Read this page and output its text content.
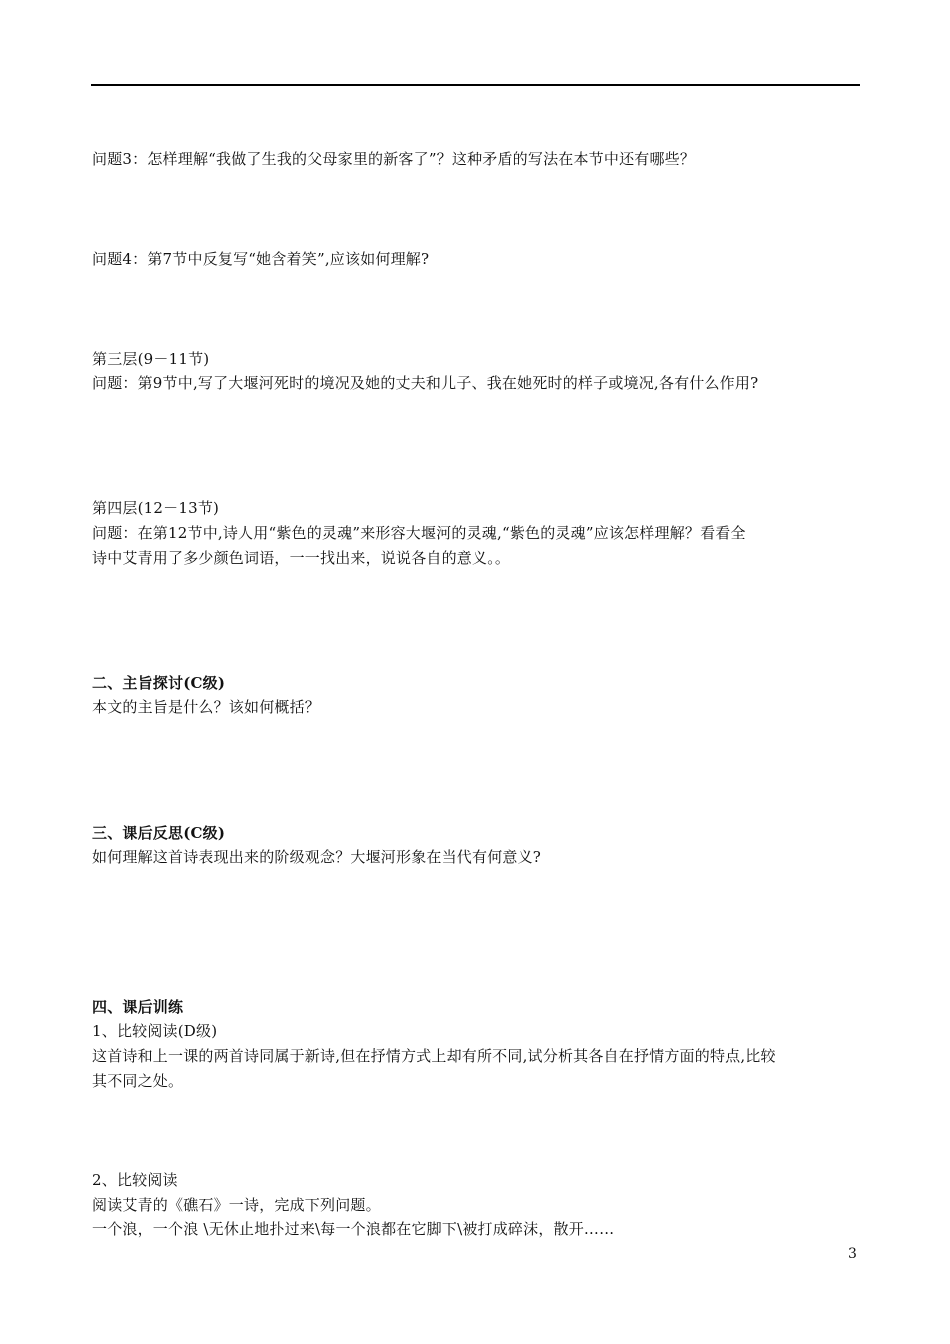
问题3：怎样理解“我做了生我的父母家里的新客了”？这种矛盾的写法在本节中还有哪些？
问题4：第7节中反复写“她含着笑”,应该如何理解?
第三层(9－11节)
问题：第9节中,写了大堰河死时的境况及她的丈夫和儿子、我在她死时的样子或境况,各有什么作用?
第四层(12－13节)
问题：在第12节中,诗人用“紫色的灵魂”来形容大堰河的灵魂,“紫色的灵魂”应该怎样理解？看看全
诗中艾青用了多少颜色词语，一一找出来，说说各自的意义。。
二、主旨探讨(C级)
本文的主旨是什么？该如何概括？
三、课后反思(C级)
如何理解这首诗表现出来的阶级观念？大堰河形象在当代有何意义?
四、课后训练
1、比较阅读(D级)
这首诗和上一课的两首诗同属于新诗,但在抒情方式上却有所不同,试分析其各自在抒情方面的特点,比较
其不同之处。
2、比较阅读
阅读艾青的《礁石》一诗，完成下列问题。
一个浪，一个浪 \无休止地扑过来\每一个浪都在它脚下\被打成碎沫，散开……
3
